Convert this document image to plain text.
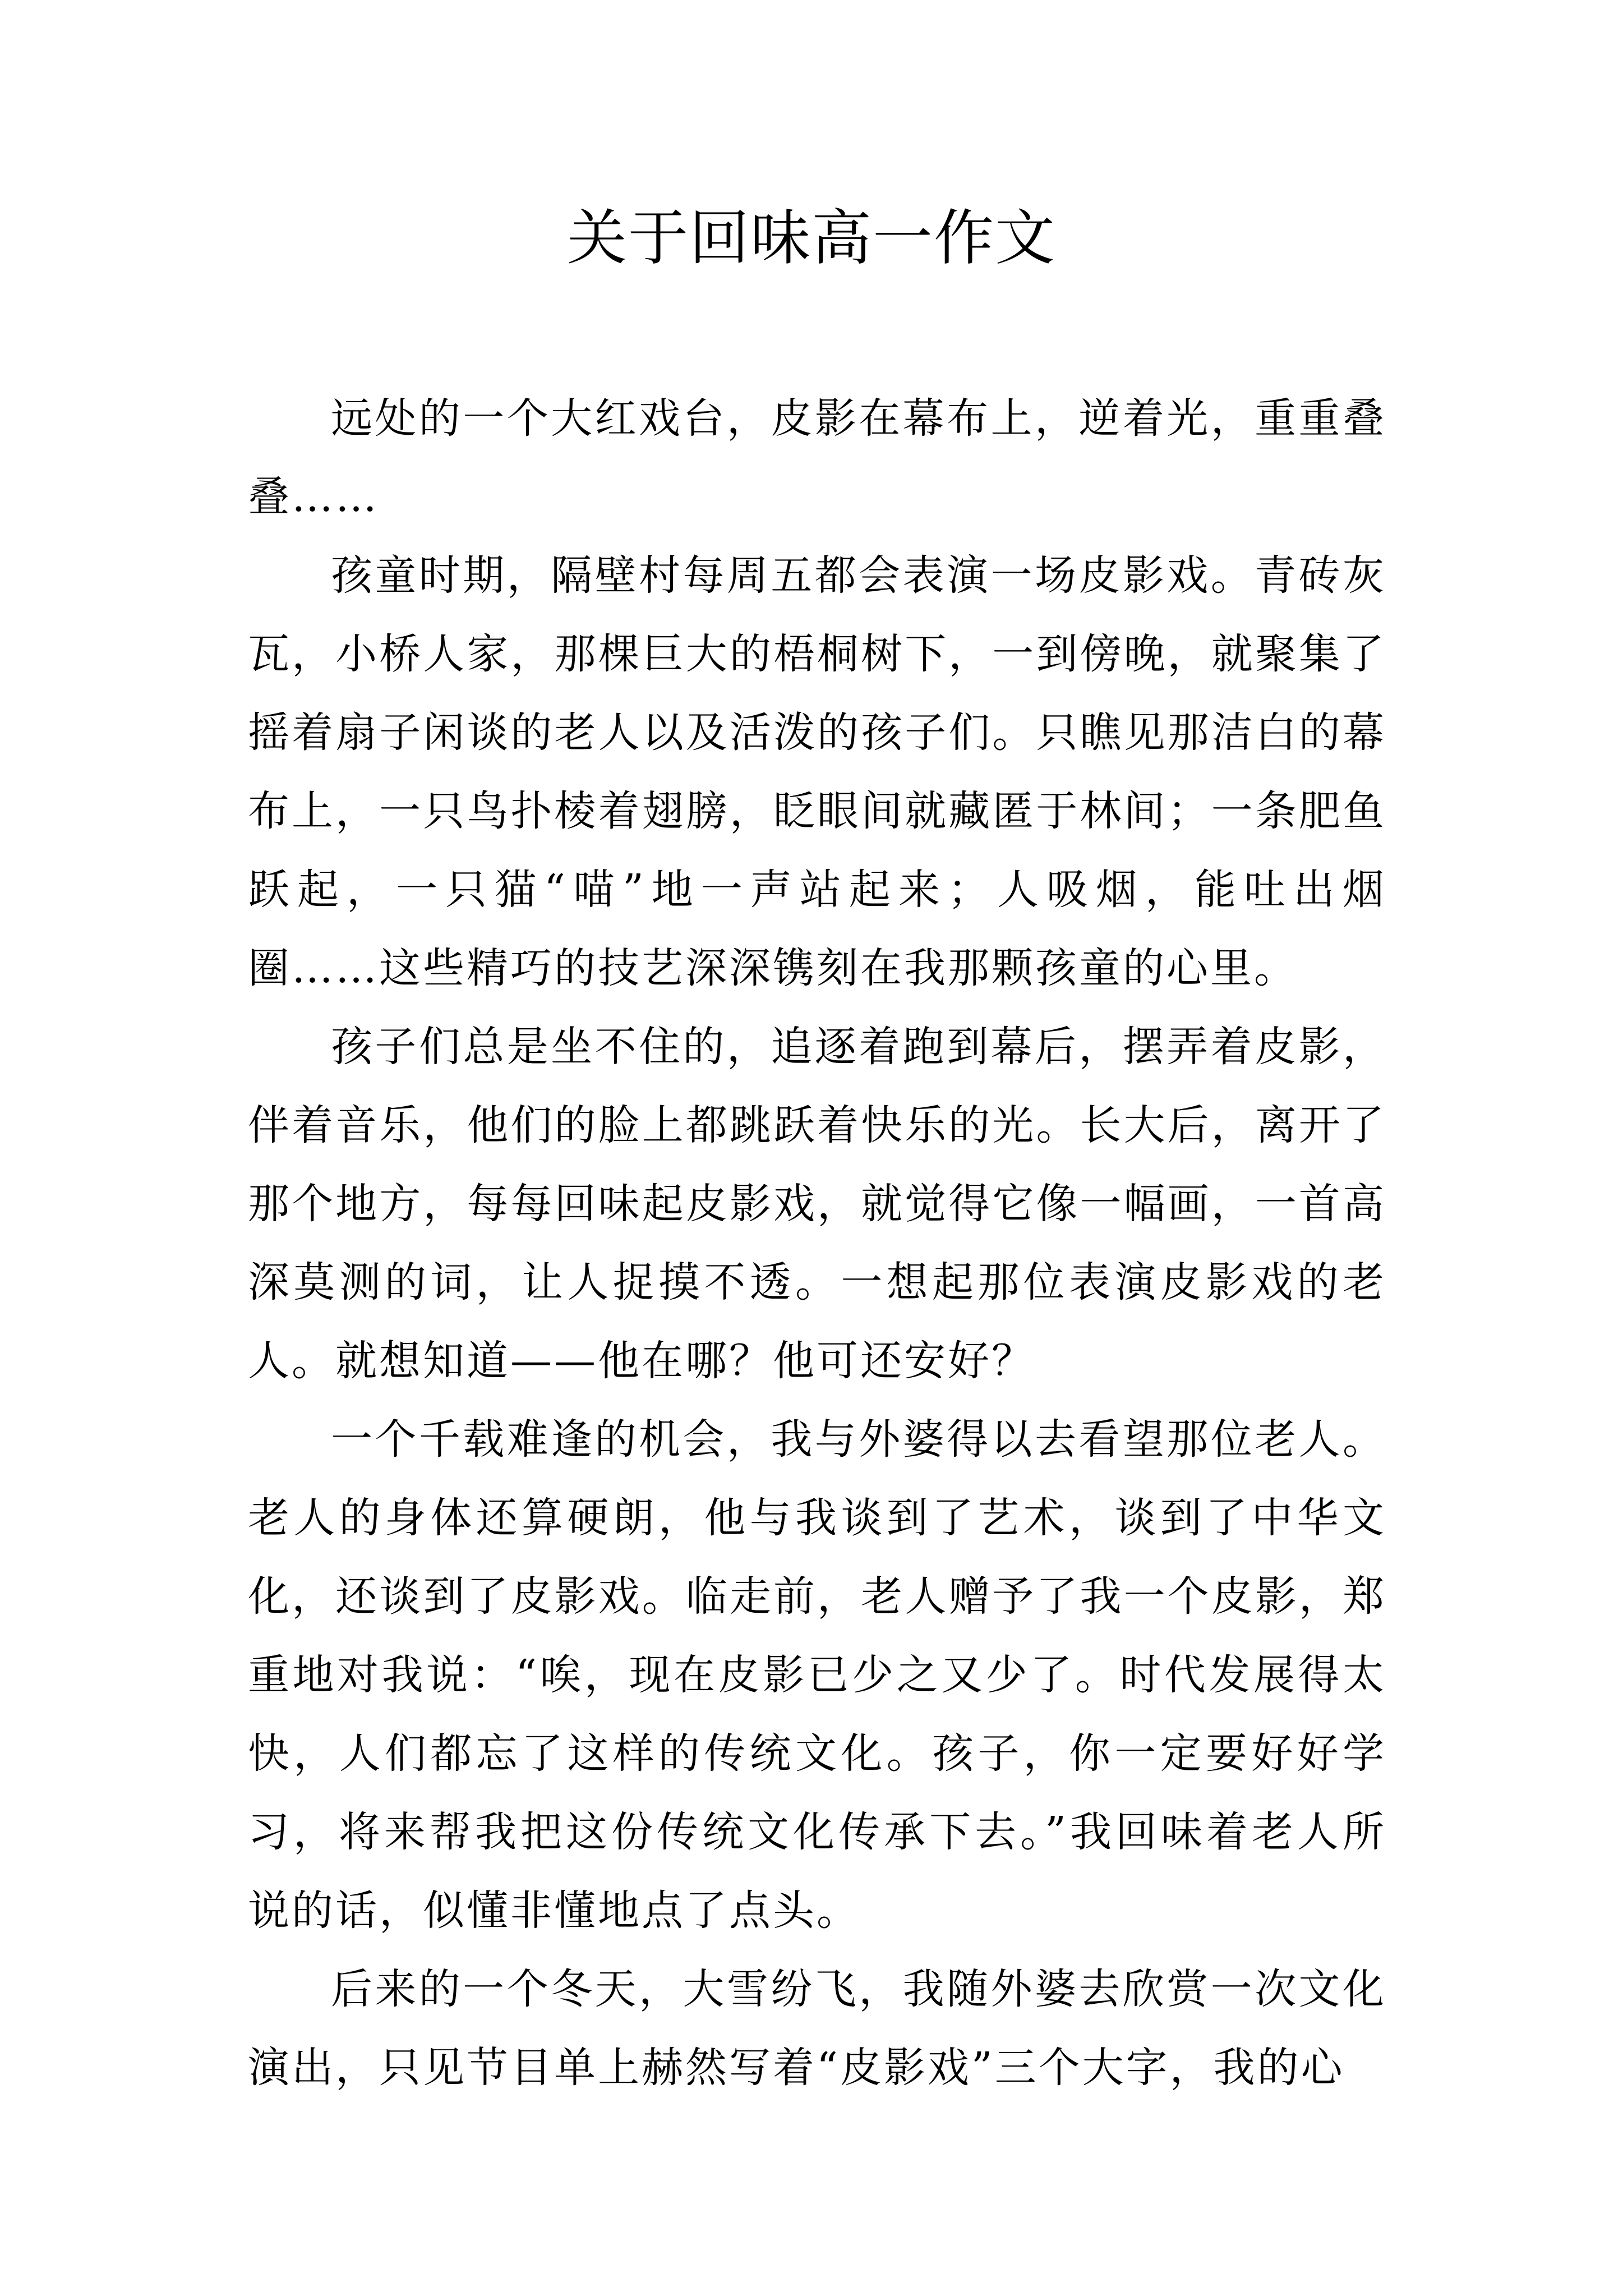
关于回味高一作文

远处的一个大红戏台，皮影在幕布上，逆着光，重重叠叠……

孩童时期，隔壁村每周五都会表演一场皮影戏。青砖灰瓦，小桥人家，那棵巨大的梧桐树下，一到傍晚，就聚集了摇着扇子闲谈的老人以及活泼的孩子们。只瞧见那洁白的幕布上，一只鸟扑棱着翅膀，眨眼间就藏匿于林间；一条肥鱼跃起，一只猫“喵”地一声站起来；人吸烟，能吐出烟圈……这些精巧的技艺深深镌刻在我那颗孩童的心里。

孩子们总是坐不住的，追逐着跑到幕后，摆弄着皮影，伴着音乐，他们的脸上都跳跃着快乐的光。长大后，离开了那个地方，每每回味起皮影戏，就觉得它像一幅画，一首高深莫测的词，让人捉摸不透。一想起那位表演皮影戏的老人。就想知道——他在哪？他可还安好？

一个千载难逢的机会，我与外婆得以去看望那位老人。老人的身体还算硬朗，他与我谈到了艺术，谈到了中华文化，还谈到了皮影戏。临走前，老人赠予了我一个皮影，郑重地对我说：“唉，现在皮影已少之又少了。时代发展得太快，人们都忘了这样的传统文化。孩子，你一定要好好学习，将来帮我把这份传统文化传承下去。”我回味着老人所说的话，似懂非懂地点了点头。

后来的一个冬天，大雪纷飞，我随外婆去欣赏一次文化演出，只见节目单上赫然写着“皮影戏”三个大字，我的心
